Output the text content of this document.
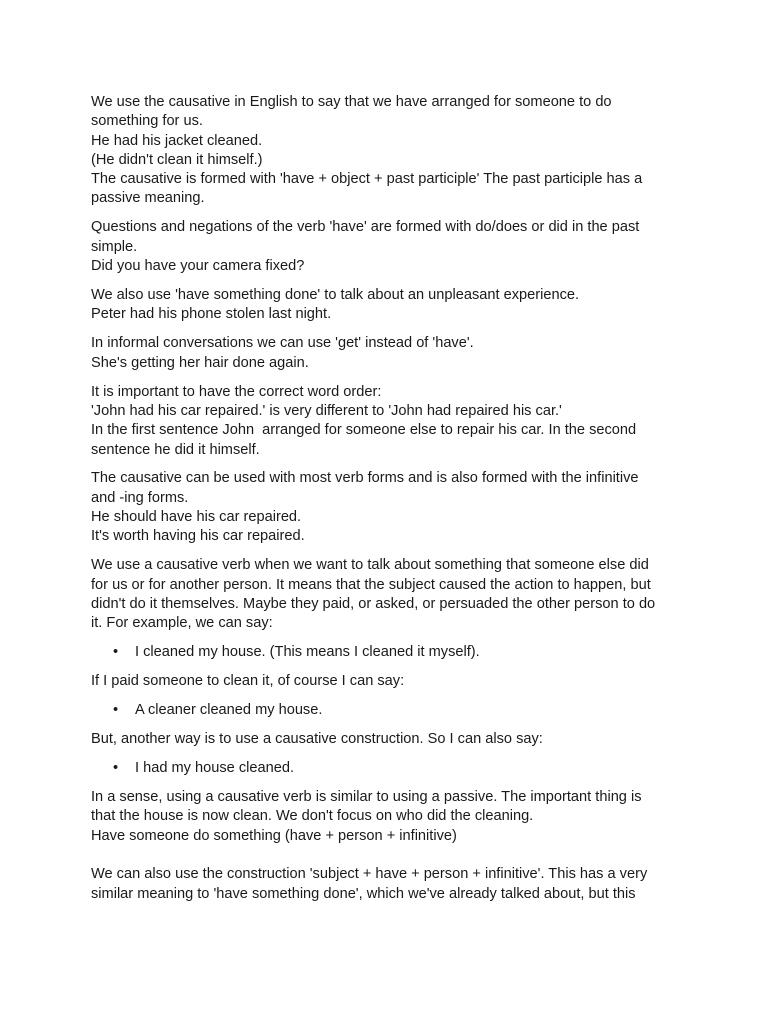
We use the causative in English to say that we have arranged for someone to do
something for us.
He had his jacket cleaned.
(He didn't clean it himself.)
The causative is formed with 'have + object + past participle' The past participle has a
passive meaning.
Questions and negations of the verb 'have' are formed with do/does or did in the past
simple.
Did you have your camera fixed?
We also use 'have something done' to talk about an unpleasant experience.
Peter had his phone stolen last night.
In informal conversations we can use 'get' instead of 'have'.
She's getting her hair done again.
It is important to have the correct word order:
'John had his car repaired.' is very different to 'John had repaired his car.'
In the first sentence John  arranged for someone else to repair his car. In the second
sentence he did it himself.
The causative can be used with most verb forms and is also formed with the infinitive
and -ing forms.
He should have his car repaired.
It's worth having his car repaired.
We use a causative verb when we want to talk about something that someone else did
for us or for another person. It means that the subject caused the action to happen, but
didn't do it themselves. Maybe they paid, or asked, or persuaded the other person to do
it. For example, we can say:
• I cleaned my house. (This means I cleaned it myself).
If I paid someone to clean it, of course I can say:
• A cleaner cleaned my house.
But, another way is to use a causative construction. So I can also say:
• I had my house cleaned.
In a sense, using a causative verb is similar to using a passive. The important thing is
that the house is now clean. We don't focus on who did the cleaning.
Have someone do something (have + person + infinitive)
We can also use the construction 'subject + have + person + infinitive'. This has a very
similar meaning to 'have something done', which we've already talked about, but this
